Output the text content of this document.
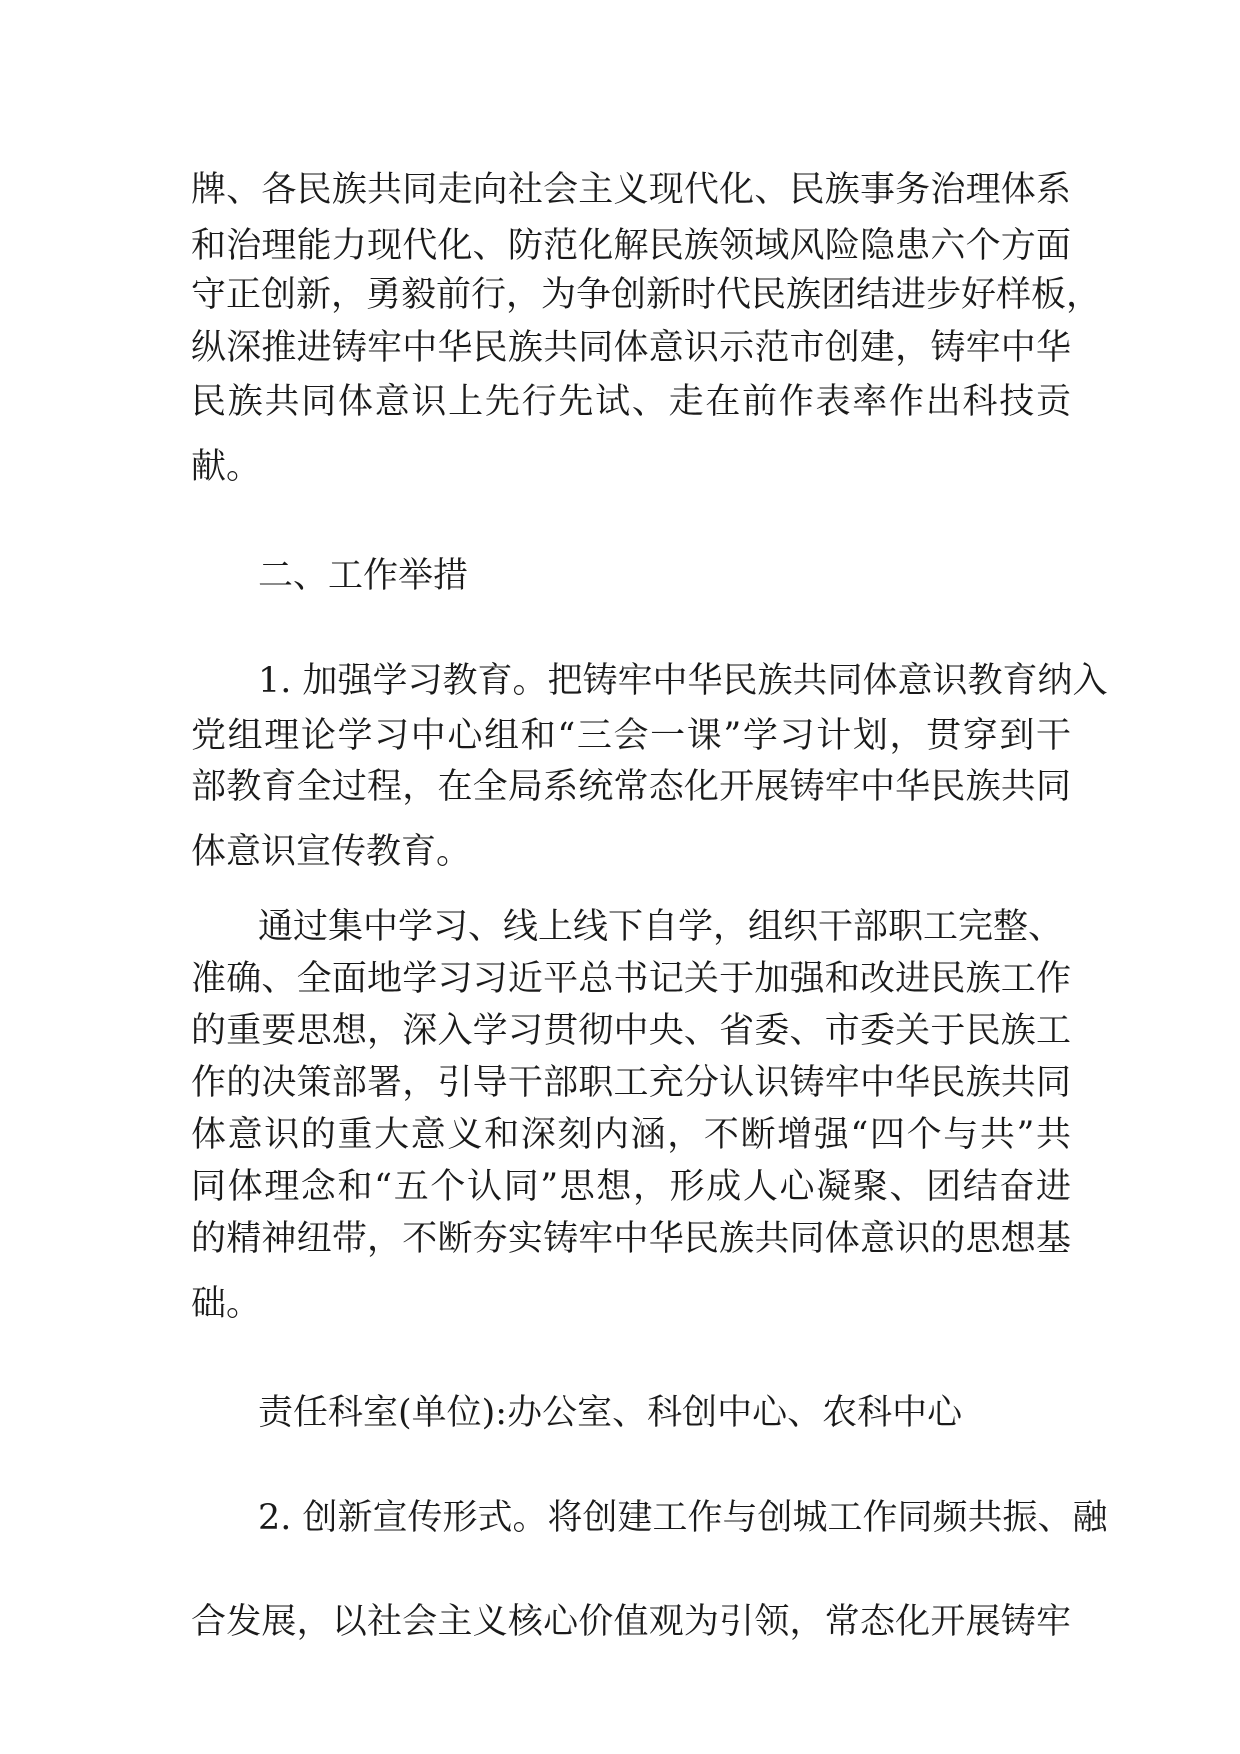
牌、各民族共同走向社会主义现代化、民族事务治理体系

和治理能力现代化、防范化解民族领域风险隐患六个方面

守正创新，勇毅前行，为争创新时代民族团结进步好样板，

纵深推进铸牢中华民族共同体意识示范市创建，铸牢中华

民族共同体意识上先行先试、走在前作表率作出科技贡

献。

二、工作举措

1. 加强学习教育。把铸牢中华民族共同体意识教育纳入

党组理论学习中心组和“三会一课”学习计划，贯穿到干

部教育全过程，在全局系统常态化开展铸牢中华民族共同

体意识宣传教育。

通过集中学习、线上线下自学，组织干部职工完整、

准确、全面地学习习近平总书记关于加强和改进民族工作

的重要思想，深入学习贯彻中央、省委、市委关于民族工

作的决策部署，引导干部职工充分认识铸牢中华民族共同

体意识的重大意义和深刻内涵，不断增强“四个与共”共

同体理念和“五个认同”思想，形成人心凝聚、团结奋进

的精神纽带，不断夯实铸牢中华民族共同体意识的思想基

础。

责任科室(单位):办公室、科创中心、农科中心

2. 创新宣传形式。将创建工作与创城工作同频共振、融

合发展，以社会主义核心价值观为引领，常态化开展铸牢
